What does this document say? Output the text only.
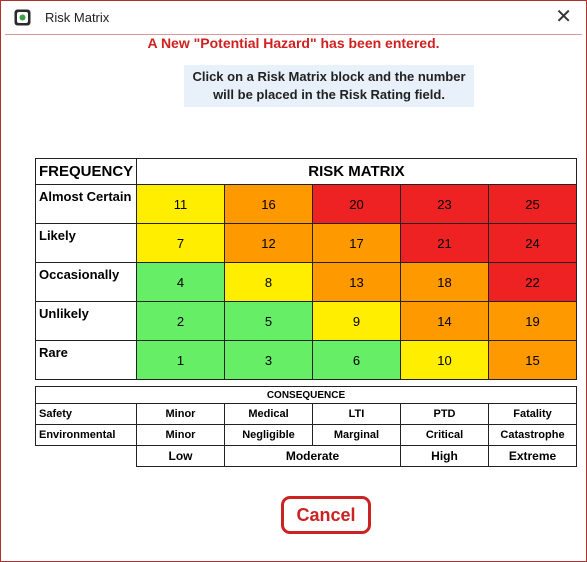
Risk Matrix	✕
A New "Potential Hazard" has been entered.
Click on a Risk Matrix block and the number
will be placed in the Risk Rating field.
FREQUENCY	RISK MATRIX				
Almost Certain	11	16	20	23	25
Likely	7	12	17	21	24
Occasionally	4	8	13	18	22
Unlikely	2	5	9	14	19
Rare	1	3	6	10	15
CONSEQUENCE					
Safety	Minor	Medical	LTI	PTD	Fatality
Environmental	Minor	Negligible	Marginal	Critical	Catastrophe
	Low	Moderate		High	Extreme
Cancel
